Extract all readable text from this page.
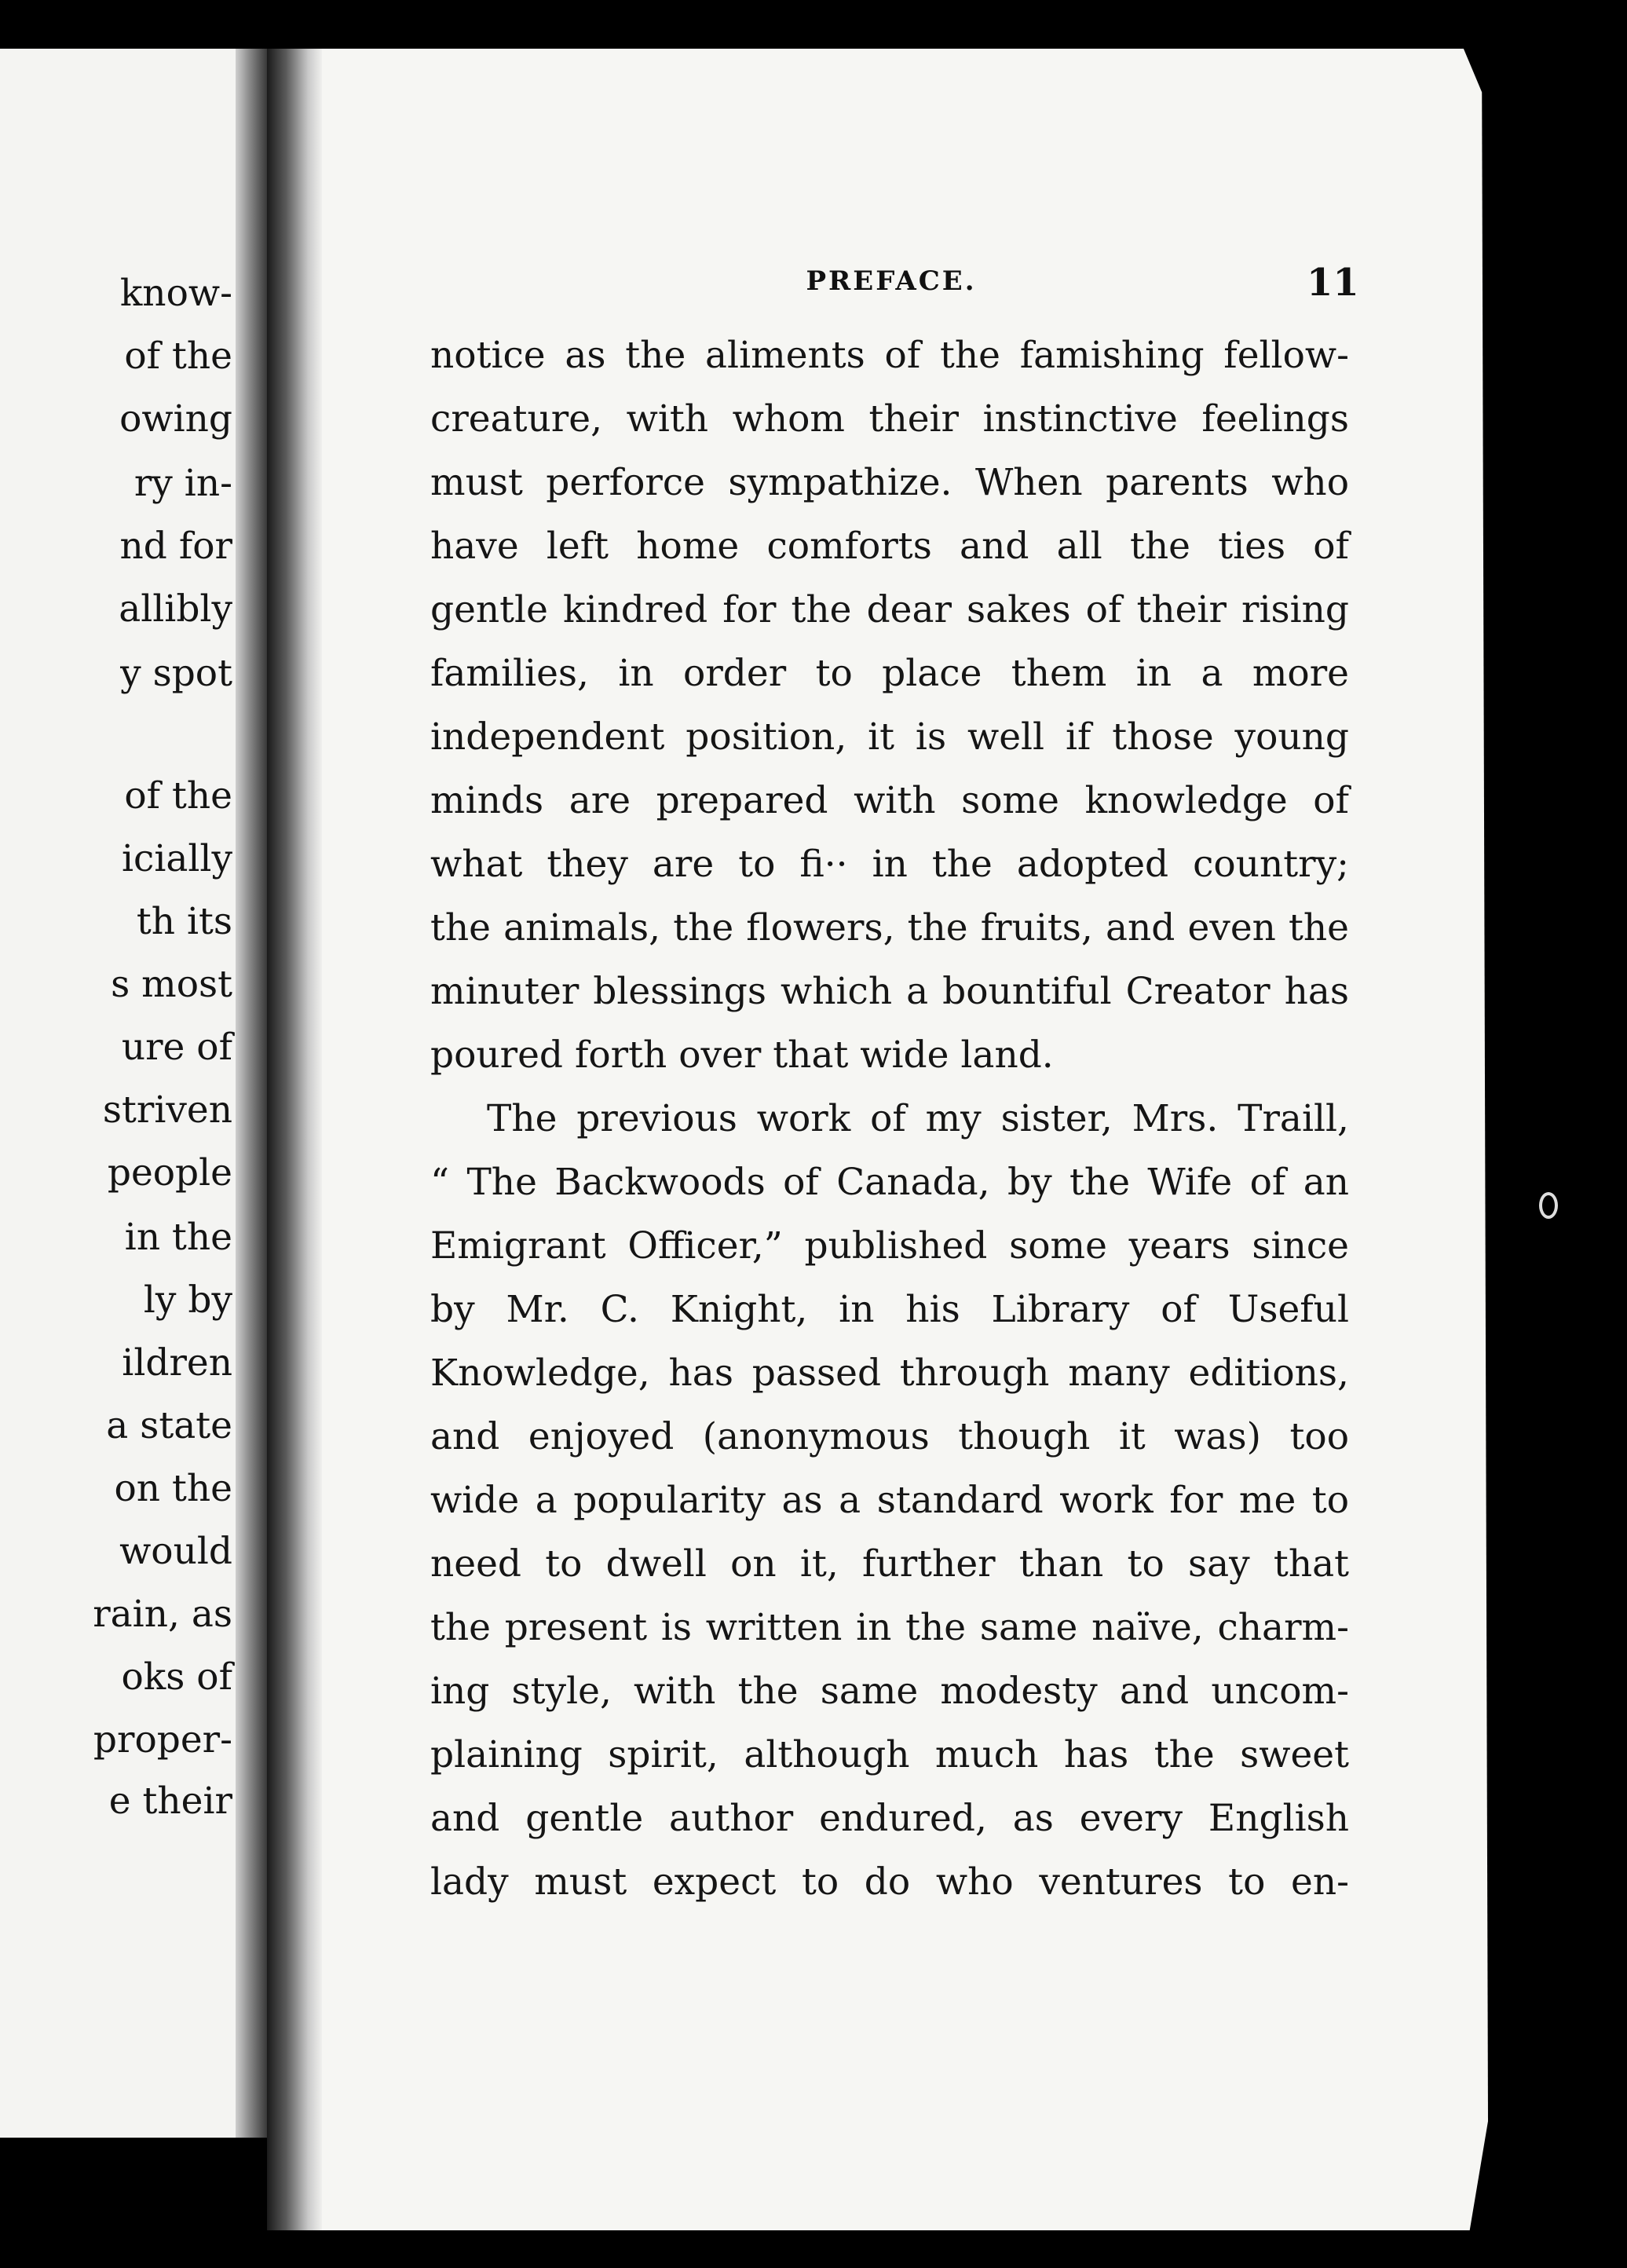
know-
of the
owing
ry in-
nd for
allibly
y spot
of the
icially
th its
s most
ure of
striven
people
in the
ly by
ildren
a state
on the
would
rain, as
oks of
proper-
e their
PREFACE.	11
notice as the aliments of the famishing fellow-
creature, with whom their instinctive feelings
must perforce sympathize. When parents who
have left home comforts and all the ties of
gentle kindred for the dear sakes of their rising
families, in order to place them in a more
independent position, it is well if those young
minds are prepared with some knowledge of
what they are to fi·· in the adopted country;
the animals, the flowers, the fruits, and even the
minuter blessings which a bountiful Creator has
poured forth over that wide land.
The previous work of my sister, Mrs. Traill,
“ The Backwoods of Canada, by the Wife of an
Emigrant Officer,” published some years since
by Mr. C. Knight, in his Library of Useful
Knowledge, has passed through many editions,
and enjoyed (anonymous though it was) too
wide a popularity as a standard work for me to
need to dwell on it, further than to say that
the present is written in the same naïve, charm-
ing style, with the same modesty and uncom-
plaining spirit, although much has the sweet
and gentle author endured, as every English
lady must expect to do who ventures to en-
